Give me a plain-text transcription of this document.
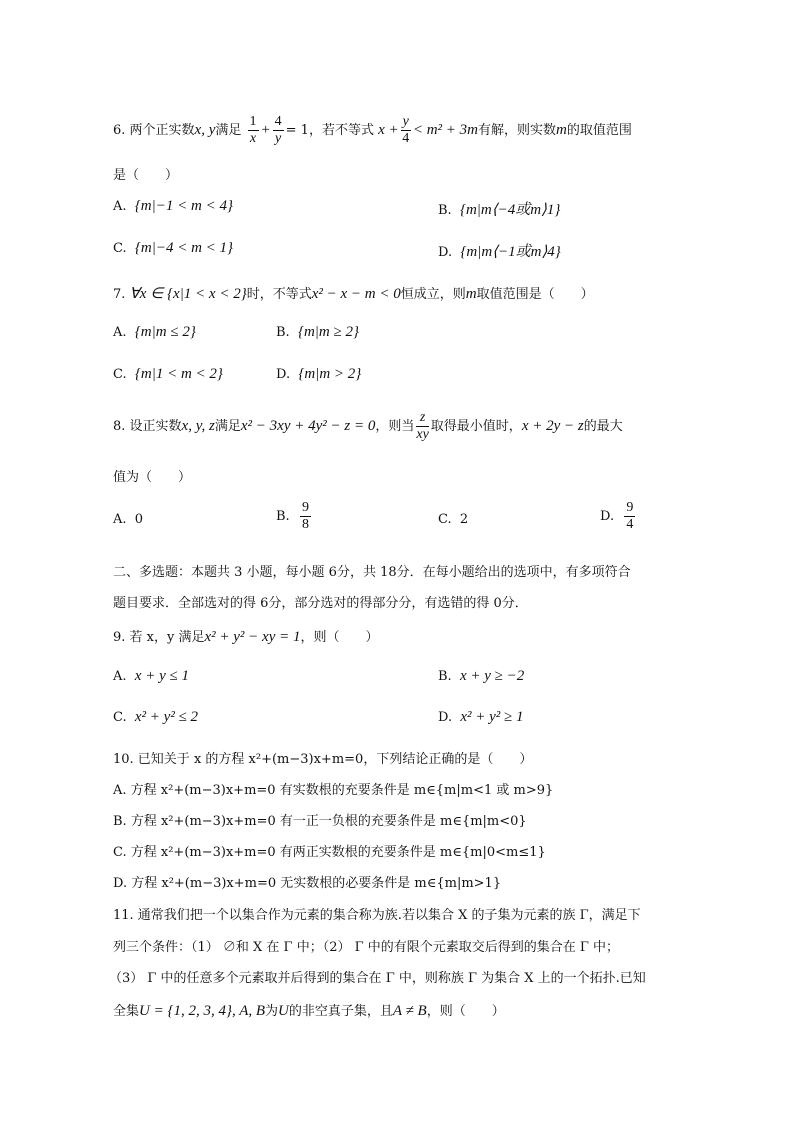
6. 两个正实数x, y满足 $\frac{1}{x} + \frac{4}{y} = 1$，若不等式 $x + \frac{y}{4} < m^2 + 3m$有解，则实数m的取值范围
是（　　）
A. {m|−1 < m < 4}	B. {m|m⟨−4或m⟩1}
C. {m|−4 < m < 1}	D. {m|m⟨−1或m⟩4}
7. ∀x ∈ {x|1 < x < 2}时，不等式x² − x − m < 0恒成立，则m取值范围是（　　）
A. {m|m ≤ 2}	B. {m|m ≥ 2}
C. {m|1 < m < 2}	D. {m|m > 2}
8. 设正实数x, y, z满足x² − 3xy + 4y² − z = 0，则当 $\frac{z}{xy}$ 取得最小值时，x + 2y − z的最大
值为（　　）
A. 0	B. $\frac{9}{8}$	C. 2	D. $\frac{9}{4}$
二、多选题：本题共 3 小题，每小题 6分，共 18分．在每小题给出的选项中，有多项符合
题目要求．全部选对的得 6分，部分选对的得部分分，有选错的得 0分．
9. 若 x，y 满足x² + y² − xy = 1，则（　　）
A. x + y ≤ 1	B. x + y ≥ −2
C. x² + y² ≤ 2	D. x² + y² ≥ 1
10. 已知关于 x 的方程 x²+(m−3)x+m=0，下列结论正确的是（　　）
A. 方程 x²+(m−3)x+m=0 有实数根的充要条件是 m∈{m|m<1 或 m>9}
B. 方程 x²+(m−3)x+m=0 有一正一负根的充要条件是 m∈{m|m<0}
C. 方程 x²+(m−3)x+m=0 有两正实数根的充要条件是 m∈{m|0<m≤1}
D. 方程 x²+(m−3)x+m=0 无实数根的必要条件是 m∈{m|m>1}
11. 通常我们把一个以集合作为元素的集合称为族.若以集合 X 的子集为元素的族 Γ，满足下
列三个条件：（1） ∅和 X 在 Γ 中；（2） Γ 中的有限个元素取交后得到的集合在 Γ 中；
（3） Γ 中的任意多个元素取并后得到的集合在 Γ 中，则称族 Γ 为集合 X 上的一个拓扑.已知
全集U = {1, 2, 3, 4}, A, B为U的非空真子集，且A ≠ B，则（　　）
